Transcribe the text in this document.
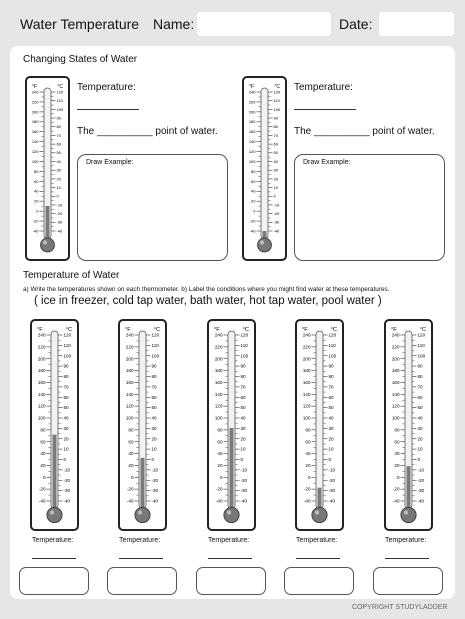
Water Temperature Name:	Date:
Changing States of Water
Temperature:
The __________ point of water.
Draw Example:
Temperature:
The __________ point of water.
Draw Example:
Temperature of Water
a) Write the temperatures shown on each thermometer. b) Label the conditions where you might find water at these temperatures.
( ice in freezer, cold tap water, bath water, hot tap water, pool water )
Temperature:	Temperature:	Temperature:	Temperature:	Temperature:
°F	°C
240
220
200
180
160
140
120
100
80
60
40
20
0
-20
-40
120
110
100
90
80
70
60
50
40
30
20
10
0
-10
-20
-30
-40
°F	°C
240
220
200
180
160
140
120
100
80
60
40
20
0
-20
-40
120
110
100
90
80
70
60
50
40
30
20
10
0
-10
-20
-30
-40
°F	°C
240
220
200
180
160
140
120
100
80
60
40
20
0
-20
-40
120
110
100
90
80
70
60
50
40
30
20
10
0
-10
-20
-30
-40
°F	°C
240
220
200
180
160
140
120
100
80
60
40
20
0
-20
-40
120
110
100
90
80
70
60
50
40
30
20
10
0
-10
-20
-30
-40
°F	°C
240
220
200
180
160
140
120
100
80
60
40
20
0
-20
-40
120
110
100
90
80
70
60
50
40
30
20
10
0
-10
-20
-30
-40
°F	°C
240
220
200
180
160
140
120
100
80
60
40
20
0
-20
-40
120
110
100
90
80
70
60
50
40
30
20
10
0
-10
-20
-30
-40
°F	°C
240
220
200
180
160
140
120
100
80
60
40
20
0
-20
-40
120
110
100
90
80
70
60
50
40
30
20
10
0
-10
-20
-30
-40
COPYRIGHT STUDYLADDER
